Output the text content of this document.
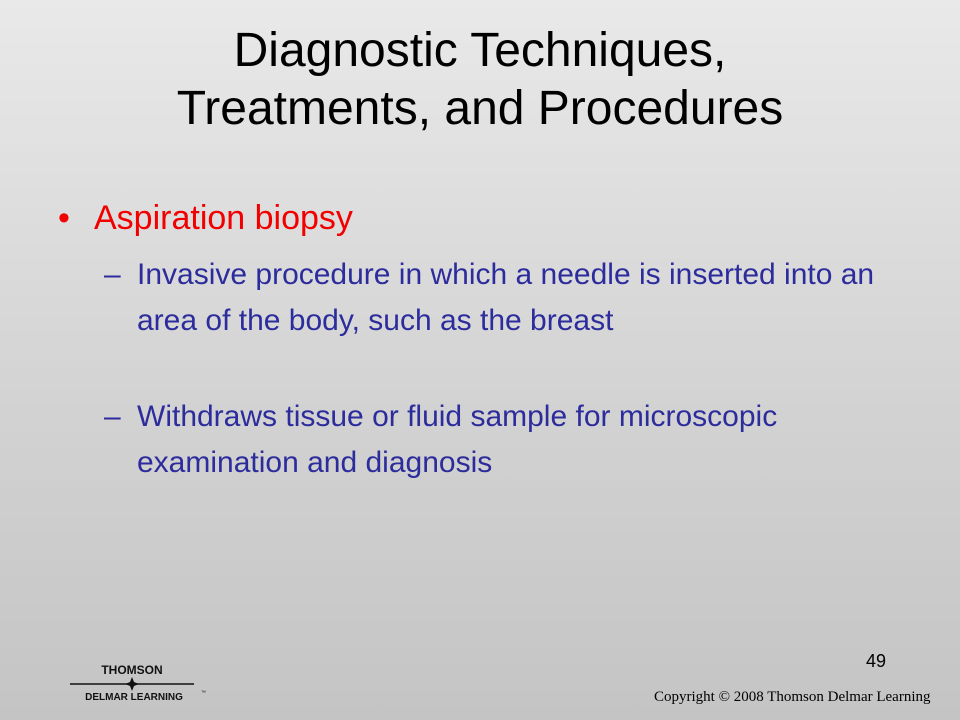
Diagnostic Techniques,
Treatments, and Procedures
• Aspiration biopsy
– Invasive procedure in which a needle is inserted into an area of the body, such as the breast
– Withdraws tissue or fluid sample for microscopic examination and diagnosis
49
THOMSON
DELMAR LEARNING	™	Copyright © 2008 Thomson Delmar Learning
